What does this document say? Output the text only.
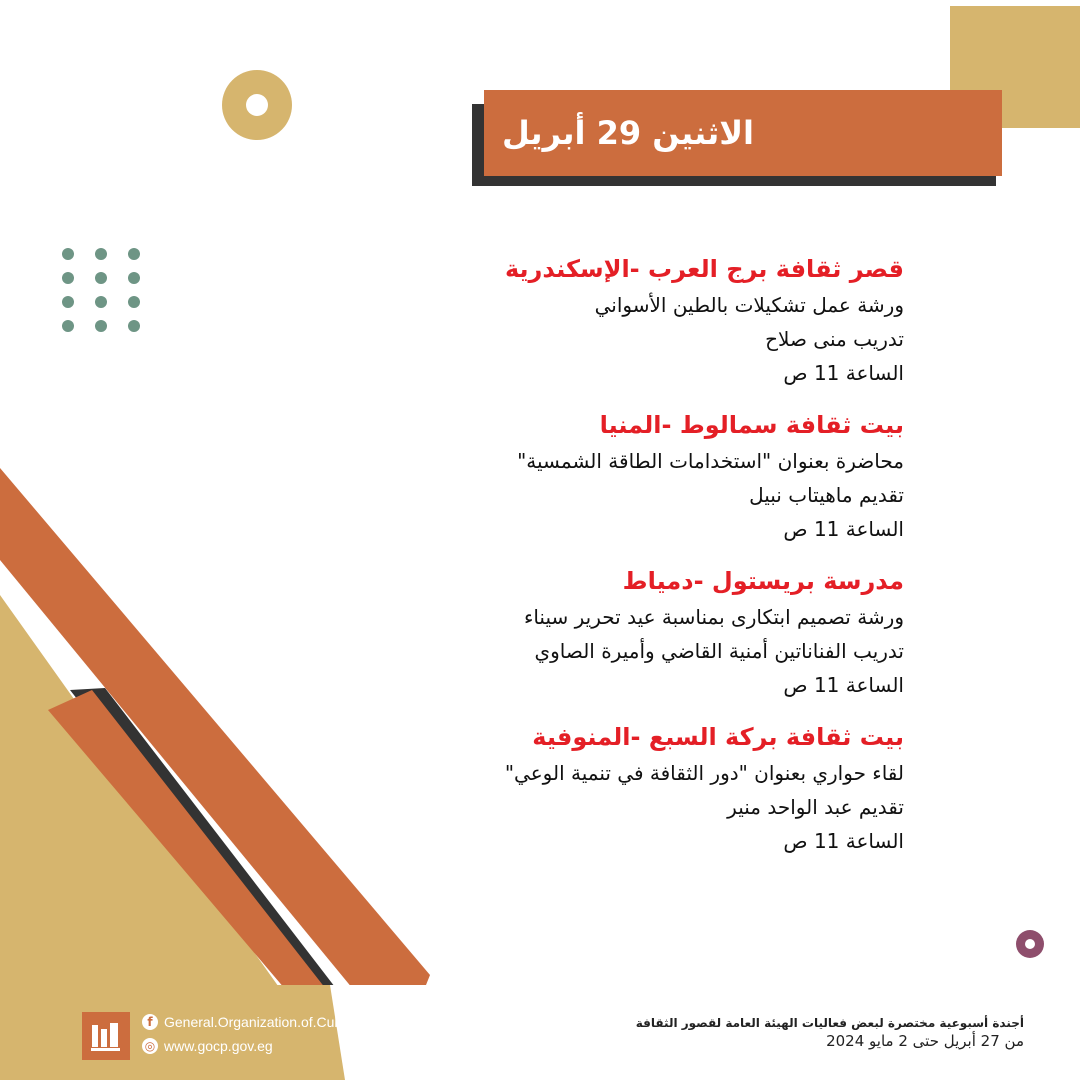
الاثنين 29 أبريل
قصر ثقافة برج العرب -الإسكندرية
ورشة عمل تشكيلات بالطين الأسواني
تدريب منى صلاح
الساعة 11 ص
بيت ثقافة سمالوط -المنيا
محاضرة بعنوان "استخدامات الطاقة الشمسية"
تقديم ماهيتاب نبيل
الساعة 11 ص
مدرسة بريستول -دمياط
ورشة تصميم ابتكارى بمناسبة عيد تحرير سيناء
تدريب الفناناتين أمنية القاضي وأميرة الصاوي
الساعة 11 ص
بيت ثقافة بركة السبع -المنوفية
لقاء حواري بعنوان "دور الثقافة في تنمية الوعي"
تقديم عبد الواحد منير
الساعة 11 ص
f General.Organization.of.Culture.Palaces
◎ www.gocp.gov.eg
أجندة أسبوعية مختصرة لبعض فعاليات الهيئة العامة لقصور الثقافة
من 27 أبريل حتى 2 مايو 2024
